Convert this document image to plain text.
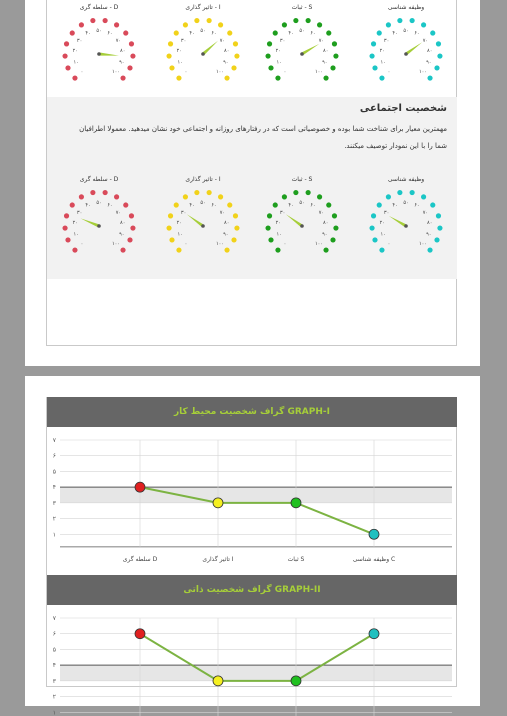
وظیفه شناسی
۰
۱۰
۲۰
۳۰
۴۰ ۵۰ ۶۰
۷۰
۸۰
۹۰
۱۰۰
ثبات - S
۰
۱۰
۲۰
۳۰
۴۰ ۵۰ ۶۰
۷۰
۸۰
۹۰
۱۰۰
تاثیر گذاری - I
۰
۱۰
۲۰
۳۰
۴۰ ۵۰ ۶۰
۷۰
۸۰
۹۰
۱۰۰
سلطه گری - D
۰
۱۰
۲۰
۳۰
۴۰ ۵۰ ۶۰
۷۰
۸۰
۹۰
۱۰۰
شخصیت اجتماعی
مهمترین معیار برای شناخت شما بوده و خصوصیاتی است که در رفتارهای روزانه و اجتماعی خود نشان میدهید. معمولا اطرافیان شما را با این نمودار توصیف میکنند.
وظیفه شناسی
۰
۱۰
۲۰
۳۰
۴۰ ۵۰ ۶۰
۷۰
۸۰
۹۰
۱۰۰
ثبات - S
۰
۱۰
۲۰
۳۰
۴۰ ۵۰ ۶۰
۷۰
۸۰
۹۰
۱۰۰
تاثیر گذاری - I
۰
۱۰
۲۰
۳۰
۴۰ ۵۰ ۶۰
۷۰
۸۰
۹۰
۱۰۰
سلطه گری - D
۰
۱۰
۲۰
۳۰
۴۰ ۵۰ ۶۰
۷۰
۸۰
۹۰
۱۰۰
گراف شخصیت محیط کار GRAPH-I
۱
۲
۳
۴
۵
۶
۷
سلطه گری D	تاثیر گذاری I	ثبات S	وظیفه شناسی C
گراف شخصیت ذاتی GRAPH-II
۱
۲
۳
۴
۵
۶
۷
